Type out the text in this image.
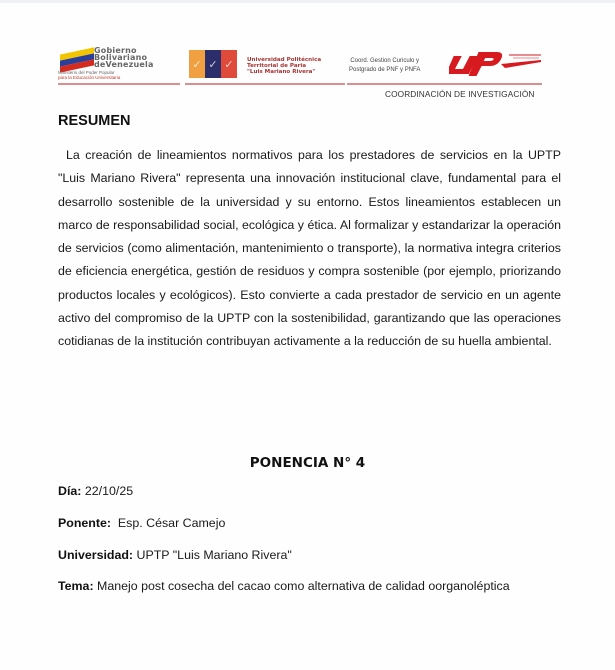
Gobierno
Bolivariano
deVenezuela
Ministerio del Poder Popular
para la Educación Universitaria
✓ ✓ ✓	Universidad Politécnica
Territorial de Paria
"Luis Mariano Rivera"
Coord. Gestion Curiculo y
Postgrado de PNF y PNFA
COORDINACIÓN DE INVESTIGACIÒN
RESUMEN
La creación de lineamientos normativos para los prestadores de servicios en la UPTP "Luis Mariano Rivera" representa una innovación institucional clave, fundamental para el desarrollo sostenible de la universidad y su entorno. Estos lineamientos establecen un marco de responsabilidad social, ecológica y ética. Al formalizar y estandarizar la operación de servicios (como alimentación, mantenimiento o transporte), la normativa integra criterios de eficiencia energética, gestión de residuos y compra sostenible (por ejemplo, priorizando productos locales y ecológicos). Esto convierte a cada prestador de servicio en un agente activo del compromiso de la UPTP con la sostenibilidad, garantizando que las operaciones cotidianas de la institución contribuyan activamente a la reducción de su huella ambiental.
PONENCIA N° 4
Día: 22/10/25
Ponente:  Esp. César Camejo
Universidad: UPTP "Luis Mariano Rivera"
Tema: Manejo post cosecha del cacao como alternativa de calidad oorganoléptica
